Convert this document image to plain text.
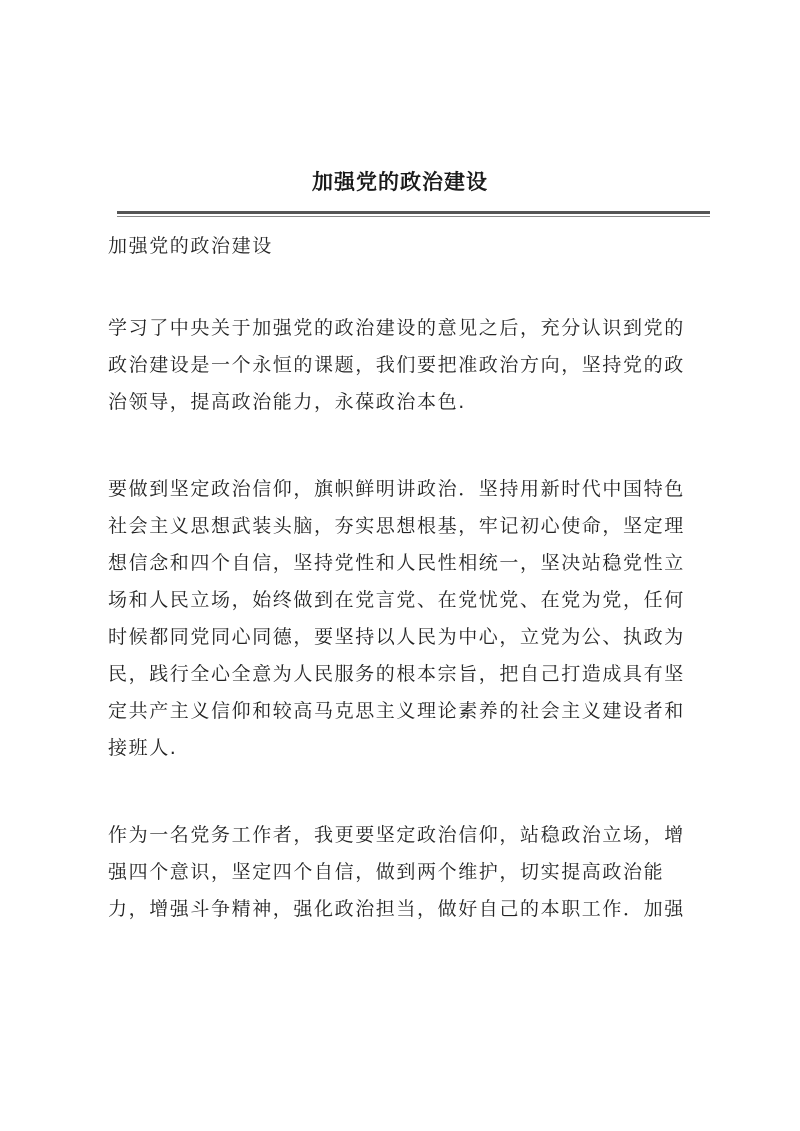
加强党的政治建设
加强党的政治建设
学习了中央关于加强党的政治建设的意见之后，充分认识到党的
政治建设是一个永恒的课题，我们要把准政治方向，坚持党的政
治领导，提高政治能力，永葆政治本色.
要做到坚定政治信仰，旗帜鲜明讲政治．坚持用新时代中国特色
社会主义思想武装头脑，夯实思想根基，牢记初心使命，坚定理
想信念和四个自信，坚持党性和人民性相统一，坚决站稳党性立
场和人民立场，始终做到在党言党、在党忧党、在党为党，任何
时候都同党同心同德，要坚持以人民为中心，立党为公、执政为
民，践行全心全意为人民服务的根本宗旨，把自己打造成具有坚
定共产主义信仰和较高马克思主义理论素养的社会主义建设者和
接班人.
作为一名党务工作者，我更要坚定政治信仰，站稳政治立场，增
强四个意识，坚定四个自信，做到两个维护，切实提高政治能
力，增强斗争精神，强化政治担当，做好自己的本职工作．加强
